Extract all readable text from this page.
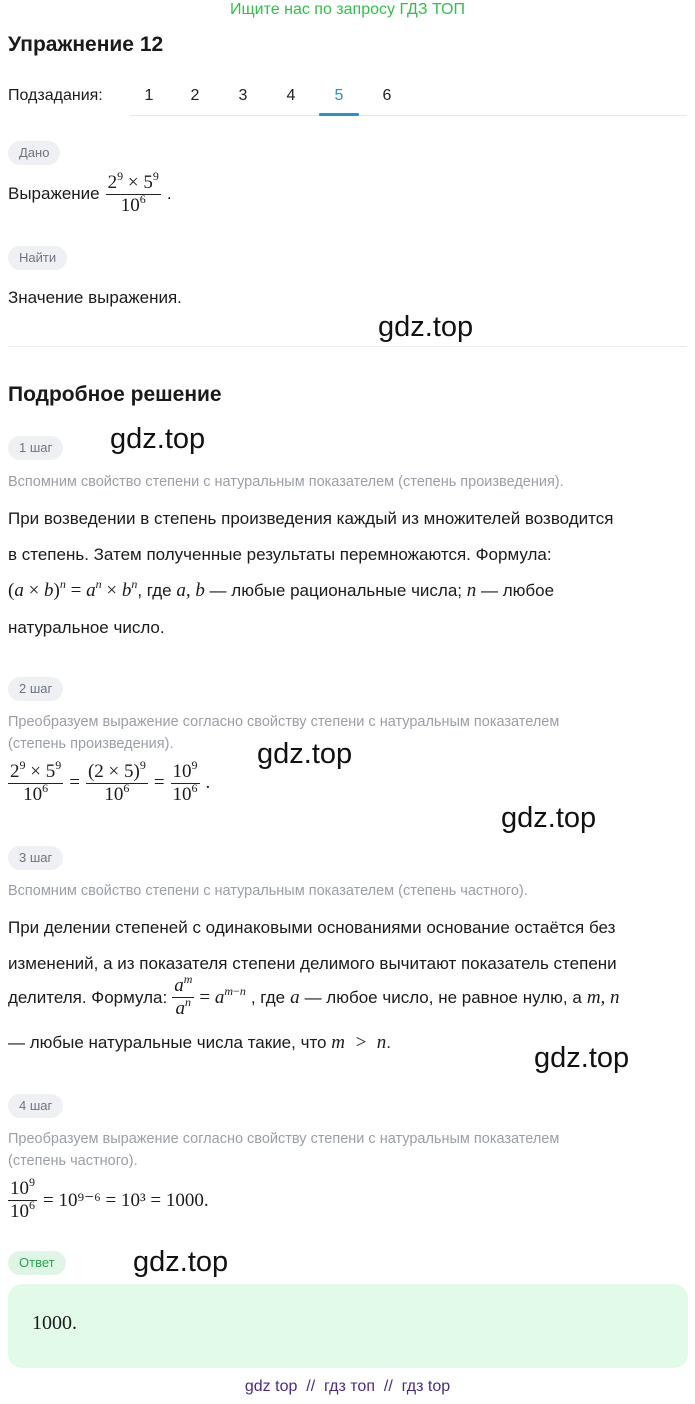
Ищите нас по запросу ГДЗ ТОП
Упражнение 12
Подзадания:	1	2	3	4	5	6
Дано
Выражение $\frac{2^9 \times 5^9}{10^6}$ .
Найти
Значение выражения.
gdz.top
Подробное решение
1 шаг	gdz.top
Вспомним свойство степени с натуральным показателем (степень произведения).
При возведении в степень произведения каждый из множителей возводится
в степень. Затем полученные результаты перемножаются. Формула:
$(a \times b)^n = a^n \times b^n$, где a, b — любые рациональные числа; n — любое
натуральное число.
2 шаг
Преобразуем выражение согласно свойству степени с натуральным показателем
(степень произведения).	gdz.top
$\frac{2^9 \times 5^9}{10^6} = \frac{(2 \times 5)^9}{10^6} = \frac{10^9}{10^6}$ .
gdz.top
3 шаг
Вспомним свойство степени с натуральным показателем (степень частного).
При делении степеней с одинаковыми основаниями основание остаётся без
изменений, а из показателя степени делимого вычитают показатель степени
делителя. Формула: $\frac{a^m}{a^n} = a^{m-n}$ , где a — любое число, не равное нулю, а m, n
— любые натуральные числа такие, что m  >  n.	gdz.top
4 шаг
Преобразуем выражение согласно свойству степени с натуральным показателем
(степень частного).
$\frac{10^9}{10^6} = 10^{9-6} = 10^3 = 1000$.
Ответ	gdz.top
1000.
gdz top  //  гдз топ  //  гдз top
